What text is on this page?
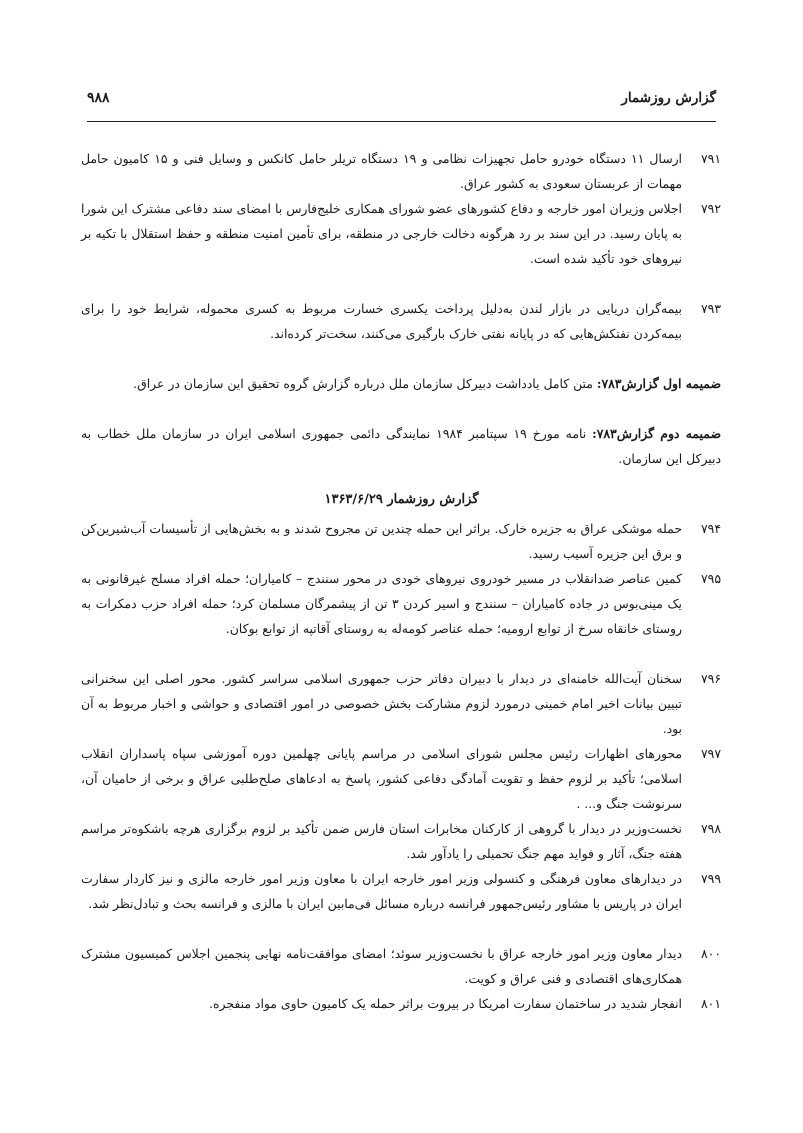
گزارش روزشمار
۹۸۸
۷۹۱
ارسال ۱۱ دستگاه خودرو حامل تجهیزات نظامی و ۱۹ دستگاه تریلر حامل کانکس و وسایل فنی و ۱۵ کامیون حامل مهمات از عربستان سعودی به کشور عراق.
۷۹۲
اجلاس وزیران امور خارجه و دفاع کشورهای عضو شورای همکاری خلیج‌فارس با امضای سند دفاعی مشترک این شورا به پایان رسید. در این سند بر رد هرگونه دخالت خارجی در منطقه، برای تأمین امنیت منطقه و حفظ استقلال با تکیه بر نیروهای خود تأکید شده است.
۷۹۳
بیمه‌گران دریایی در بازار لندن به‌دلیل پرداخت یکسری خسارت مربوط به کسری محموله، شرایط خود را برای بیمه‌کردن نفتکش‌هایی که در پایانه نفتی خارک بارگیری می‌کنند، سخت‌تر کرده‌اند.
ضمیمه اول گزارش۷۸۳: متن کامل یادداشت دبیرکل سازمان ملل درباره گزارش گروه تحقیق این سازمان در عراق.
ضمیمه دوم گزارش۷۸۳: نامه مورخ ۱۹ سپتامبر ۱۹۸۴ نمایندگی دائمی جمهوری اسلامی ایران در سازمان ملل خطاب به دبیرکل این سازمان.
گزارش روزشمار ۱۳۶۳/۶/۲۹
۷۹۴
حمله موشکی عراق به جزیره خارک. براثر این حمله چندین تن مجروح شدند و به بخش‌هایی از تأسیسات آب‌شیرین‌کن و برق این جزیره آسیب رسید.
۷۹۵
کمین عناصر ضدانقلاب در مسیر خودروی نیروهای خودی در محور سنندج – کامیاران؛ حمله افراد مسلح غیرقانونی به یک مینی‌بوس در جاده کامیاران – سنندج و اسیر کردن ۳ تن از پیشمرگان مسلمان کرد؛ حمله افراد حزب دمکرات به روستای خانقاه سرخ از توابع ارومیه؛ حمله عناصر کومه‌له به روستای آقاتپه از توابع بوکان.
۷۹۶
سخنان آیت‌الله خامنه‌ای در دیدار با دبیران دفاتر حزب جمهوری اسلامی سراسر کشور. محور اصلی این سخنرانی تبیین بیانات اخیر امام خمینی درمورد لزوم مشارکت بخش خصوصی در امور اقتصادی و حواشی و اخبار مربوط به آن بود.
۷۹۷
محورهای اظهارات رئیس مجلس شورای اسلامی در مراسم پایانی چهلمین دوره آموزشی سپاه پاسداران انقلاب اسلامی؛ تأکید بر لزوم حفظ و تقویت آمادگی دفاعی کشور، پاسخ به ادعاهای صلح‌طلبی عراق و برخی از حامیان آن، سرنوشت جنگ و... .
۷۹۸
نخست‌وزیر در دیدار با گروهی از کارکنان مخابرات استان فارس ضمن تأکید بر لزوم برگزاری هرچه باشکوه‌تر مراسم هفته جنگ، آثار و فواید مهم جنگ تحمیلی را یادآور شد.
۷۹۹
در دیدارهای معاون فرهنگی و کنسولی وزیر امور خارجه ایران با معاون وزیر امور خارجه مالزی و نیز کاردار سفارت ایران در پاریس با مشاور رئیس‌جمهور فرانسه درباره مسائل فی‌مابین ایران با مالزی و فرانسه بحث و تبادل‌نظر شد.
۸۰۰
دیدار معاون وزیر امور خارجه عراق با نخست‌وزیر سوئد؛ امضای موافقت‌نامه نهایی پنجمین اجلاس کمیسیون مشترک همکاری‌های اقتصادی و فنی عراق و کویت.
۸۰۱
انفجار شدید در ساختمان سفارت امریکا در بیروت براثر حمله یک کامیون حاوی مواد منفجره.
